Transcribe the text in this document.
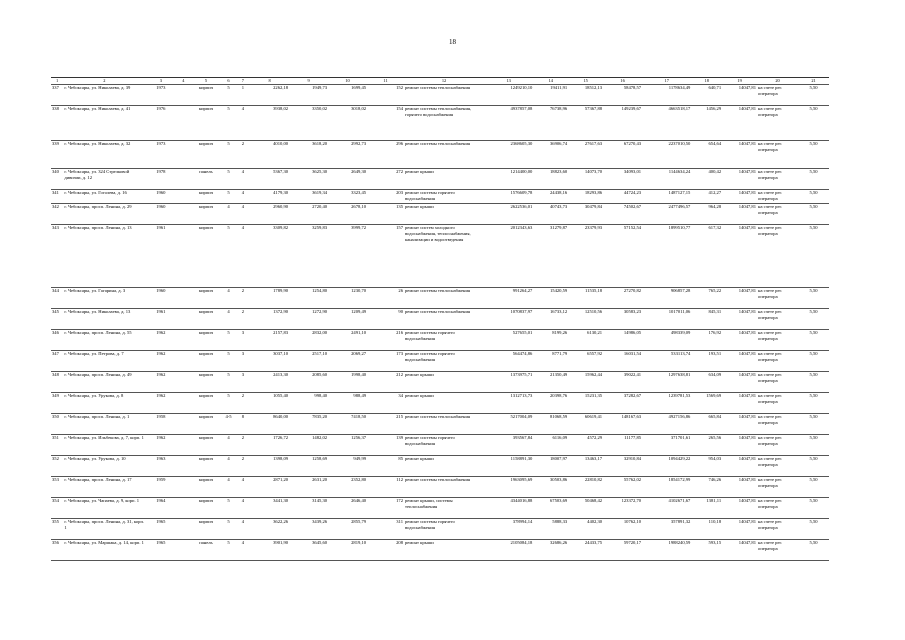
18
1	2	3	4	5	6	7	8	9	10	11	12	13	14	15	16	17	18	19	20	21
337	г. Чебоксары, ул. Николаева, д. 39	1973		кирпич	5	1	2262,18	1949,73	1699,45	152	ремонт системы теплоснабжения	1249210,10	19411,91	18512,13	58478,57	1178634,49	640,71	14047,81	на счете рег. оператора	5,50
338	г. Чебоксары, ул. Николаева, д. 41	1976		кирпич	5	4	3938,02	3350,02	3018,02	154	ремонт системы теплоснабжения, горячего водоснабжения	4937857,08	76738,96	57367,88	149239,67	4663518,17	1456,29	14047,81	на счете рег. оператора	5,50
339	г. Чебоксары, ул. Николаева, д. 32	1973		кирпич	5	2	4010,00	3618,20	2992,73	296	ремонт системы теплоснабжения	2368605,30	36906,74	27617,63	67270,43	2237010,50	654,64	14047,81	на счете рег. оператора	5,50
340	г. Чебоксары, ул. 324 Стрелковой дивизии, д. 12	1978		панель	5	4	5367,30	3625,30	2649,30	272	ремонт крыши	1214400,00	18823,60	14073,70	34093,01	1144634,24	400,42	14047,81	на счете рег. оператора	5,50
341	г. Чебоксары, ул. Гоголева, д. 16	1960		кирпич	5	4	4179,30	3619,34	3323,45	203	ремонт системы горячего водоснабжения	1576609,78	24438,16	18293,86	44724,23	1487127,15	412,27	14047,81	на счете рег. оператора	5,50
342	г. Чебоксары, просп. Ленина, д. 29	1960		кирпич	4	4	2960,90	2720,40	2678,10	135	ремонт крыши	2622536,01	40743,73	30479,84	74502,67	2477496,57	964,28	14047,81	на счете рег. оператора	5,50
343	г. Чебоксары, просп. Ленина, д. 13	1961		кирпич	5	4	3309,82	3259,83	3999,72	157	ремонт систем холодного водоснабжения, теплоснабжения, канализации и водоотведения	2012343,63	31279,87	23379,93	57152,54	1899510,77	617,32	14047,81	на счете рег. оператора	5,50
344	г. Чебоксары, ул. Гагарина, д. 3	1960		кирпич	4	2	1789,90	1254,80	1230,70	26	ремонт системы теплоснабжения	991264,27	15420,59	11535,18	27270,82	906857,28	765,22	14047,81	на счете рег. оператора	5,50
345	г. Чебоксары, ул. Николаева, д. 13	1961		кирпич	4	2	1372,90	1272,90	1209,49	90	ремонт системы теплоснабжения	1070837,97	16733,12	12510,56	30583,23	1017011,06	845,31	14047,81	на счете рег. оператора	5,50
346	г. Чебоксары, просп. Ленина, д. 55	1962		кирпич	5	3	2157,83	2832,00	2491,10	216	ремонт системы горячего водоснабжения	527655,01	8199,26	6130,21	14986,05	498339,09	176,92	14047,81	на счете рег. оператора	5,50
347	г. Чебоксары, ул. Петрова, д. 7	1962		кирпич	5	3	3037,10	2517,10	2069,27	173	ремонт системы горячего водоснабжения	564474,86	8771,79	6557,92	16031,54	533113,74	193,51	14047,81	на счете рег. оператора	5,50
348	г. Чебоксары, просп. Ленина, д. 49	1962		кирпич	5	3	2413,30	2085,60	1998,40	212	ремонт крыши	1373975,71	21350,49	15962,44	39022,41	1297638,81	634,09	14047,81	на счете рег. оператора	5,50
349	г. Чебоксары, ул. Урукова, д. 8	1962		кирпич	5	2	1055,40	998,40	988,49	34	ремонт крыши	1312713,73	20398,76	15231,35	37282,67	1239781,53	1569,69	14047,81	на счете рег. оператора	5,50
350	г. Чебоксары, просп. Ленина, д. 1	1958		кирпич	4-5	8	8640,00	7835,20	7418,50	215	ремонт системы теплоснабжения	5217004,09	81068,59	60619,41	148167,63	4927156,86	665,84	14047,81	на счете рег. оператора	5,50
351	г. Чебоксары, ул. Ильбекова, д. 7, корп. 1	1962		кирпич	4	2	1726,72	1482,02	1256,37	139	ремонт системы горячего водоснабжения	393567,84	6116,09	4572,29	11177,85	371701,61	265,56	14047,81	на счете рег. оператора	5,50
352	г. Чебоксары, ул. Урукова, д. 10	1963		кирпич	4	2	1398,09	1258,69	949,99	85	ремонт крыши	1158891,30	18007,97	13463,17	32910,84	1094429,22	954,03	14047,81	на счете рег. оператора	5,50
353	г. Чебоксары, просп. Ленина, д. 17	1959		кирпич	4	4	2871,20	2631,20	2352,80	112	ремонт системы теплоснабжения	1963095,69	30503,86	22810,82	55762,02	1854172,99	746,26	14047,81	на счете рег. оператора	5,50
354	г. Чебоксары, ул. Чапаева, д. 9, корп. 1	1964		кирпич	5	4	3441,30	3145,30	2646,40	172	ремонт крыши, системы теплоснабжения	4344016,88	67503,69	50468,42	123372,70	4102671,67	1381,11	14047,81	на счете рег. оператора	5,50
355	г. Чебоксары, просп. Ленина, д. 31, корп. 1	1965		кирпич	5	4	3622,26	3439,26	2855,79	311	ремонт системы горячего водоснабжения	378994,14	5888,33	4402,30	10762,10	357891,32	110,18	14047,81	на счете рег. оператора	5,50
356	г. Чебоксары, ул. Маршака, д. 14, корп. 1	1965		панель	5	4	3901,90	3645,60	2819,10	208	ремонт крыши	2105084,18	32686,26	24433,75	59720,17	1988240,59	593,15	14047,81	на счете рег. оператора	5,50
